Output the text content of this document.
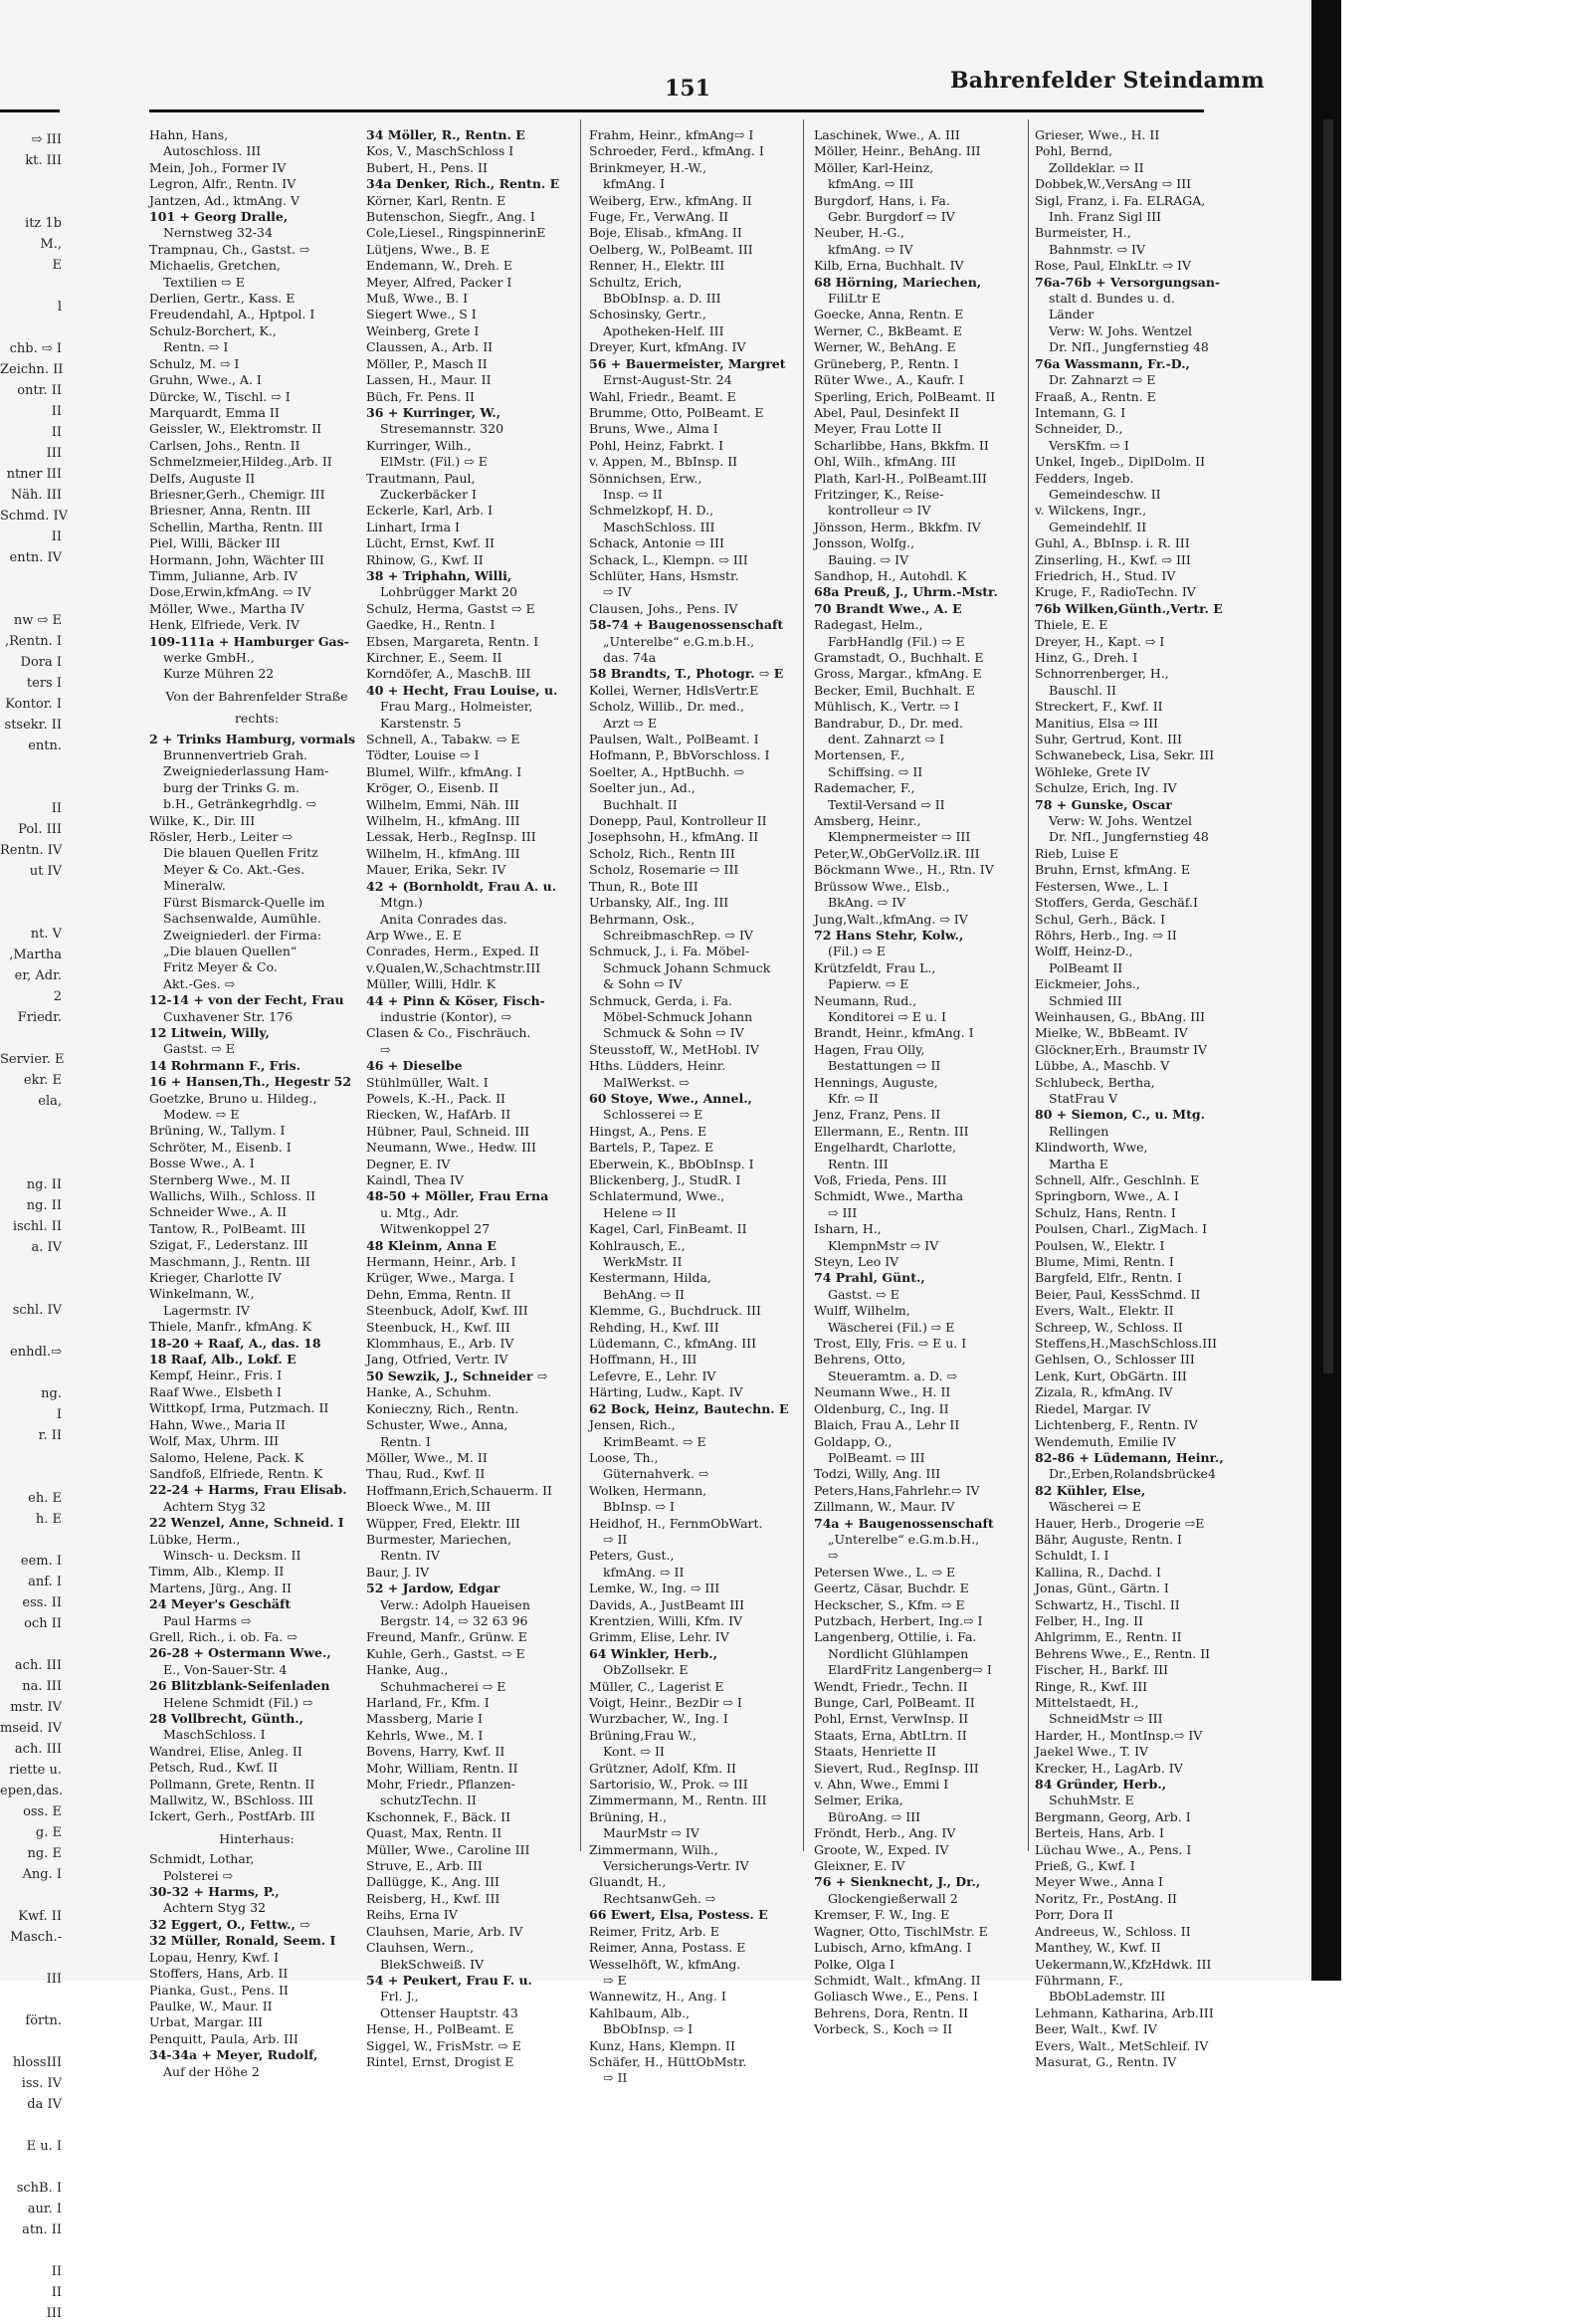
151	Bahrenfelder Steindamm
⇨ III
kt. III
itz 1b
M.,
E
l
chb. ⇨ I
Zeichn. II
ontr. II
II
II
III
ntner III
Näh. III
Schmd. IV
II
entn. IV
nw ⇨ E
,Rentn. I
Dora I
ters I
Kontor. I
stsekr. II
entn.
II
Pol. III
Rentn. IV
ut IV
nt. V
,Martha
er, Adr.
2
Friedr.
Servier. E
ekr. E
ela,
ng. II
ng. II
ischl. II
a. IV
schl. IV
enhdl.⇨
ng.
I
r. II
eh. E
h. E
eem. I
anf. I
ess. II
och II
ach. III
na. III
mstr. IV
mseid. IV
ach. III
riette u.
epen,das.
oss. E
g. E
ng. E
Ang. I
Kwf. II
Masch.-
III
förtn.
hlossIII
iss. IV
da IV
E u. I
schB. I
aur. I
atn. II
II
II
III
Hahn, Hans,
Autoschloss. III
Mein, Joh., Former IV
Legron, Alfr., Rentn. IV
Jantzen, Ad., ktmAng. V
101 + Georg Dralle,
Nernstweg 32-34
Trampnau, Ch., Gastst. ⇨
Michaelis, Gretchen,
Textilien ⇨ E
Derlien, Gertr., Kass. E
Freudendahl, A., Hptpol. I
Schulz-Borchert, K.,
Rentn. ⇨ I
Schulz, M. ⇨ I
Gruhn, Wwe., A. I
Dürcke, W., Tischl. ⇨ I
Marquardt, Emma II
Geissler, W., Elektromstr. II
Carlsen, Johs., Rentn. II
Schmelzmeier,Hildeg.,Arb. II
Delfs, Auguste II
Briesner,Gerh., Chemigr. III
Briesner, Anna, Rentn. III
Schellin, Martha, Rentn. III
Piel, Willi, Bäcker III
Hormann, John, Wächter III
Timm, Julianne, Arb. IV
Dose,Erwin,kfmAng. ⇨ IV
Möller, Wwe., Martha IV
Henk, Elfriede, Verk. IV
109-111a + Hamburger Gas-
werke GmbH.,
Kurze Mühren 22
Von der Bahrenfelder Straße
rechts:
2 + Trinks Hamburg, vormals
Brunnenvertrieb Grah.
Zweigniederlassung Ham-
burg der Trinks G. m.
b.H., Getränkegrhdlg. ⇨
Wilke, K., Dir. III
Rösler, Herb., Leiter ⇨
Die blauen Quellen Fritz
Meyer & Co. Akt.-Ges.
Mineralw.
Fürst Bismarck-Quelle im
Sachsenwalde, Aumühle.
Zweigniederl. der Firma:
„Die blauen Quellen“
Fritz Meyer & Co.
Akt.-Ges. ⇨
12-14 + von der Fecht, Frau
Cuxhavener Str. 176
12 Litwein, Willy,
Gastst. ⇨ E
14 Rohrmann F., Fris.
16 + Hansen,Th., Hegestr 52
Goetzke, Bruno u. Hildeg.,
Modew. ⇨ E
Brüning, W., Tallym. I
Schröter, M., Eisenb. I
Bosse Wwe., A. I
Sternberg Wwe., M. II
Wallichs, Wilh., Schloss. II
Schneider Wwe., A. II
Tantow, R., PolBeamt. III
Szigat, F., Lederstanz. III
Maschmann, J., Rentn. III
Krieger, Charlotte IV
Winkelmann, W.,
Lagermstr. IV
Thiele, Manfr., kfmAng. K
18-20 + Raaf, A., das. 18
18 Raaf, Alb., Lokf. E
Kempf, Heinr., Fris. I
Raaf Wwe., Elsbeth I
Wittkopf, Irma, Putzmach. II
Hahn, Wwe., Maria II
Wolf, Max, Uhrm. III
Salomo, Helene, Pack. K
Sandfoß, Elfriede, Rentn. K
22-24 + Harms, Frau Elisab.
Achtern Styg 32
22 Wenzel, Anne, Schneid. I
Lübke, Herm.,
Winsch- u. Decksm. II
Timm, Alb., Klemp. II
Martens, Jürg., Ang. II
24 Meyer's Geschäft
Paul Harms ⇨
Grell, Rich., i. ob. Fa. ⇨
26-28 + Ostermann Wwe.,
E., Von-Sauer-Str. 4
26 Blitzblank-Seifenladen
Helene Schmidt (Fil.) ⇨
28 Vollbrecht, Günth.,
MaschSchloss. I
Wandrei, Elise, Anleg. II
Petsch, Rud., Kwf. II
Pollmann, Grete, Rentn. II
Mallwitz, W., BSchloss. III
Ickert, Gerh., PostfArb. III
Hinterhaus:
Schmidt, Lothar,
Polsterei ⇨
30-32 + Harms, P.,
Achtern Styg 32
32 Eggert, O., Fettw., ⇨
32 Müller, Ronald, Seem. I
Lopau, Henry, Kwf. I
Stoffers, Hans, Arb. II
Pianka, Gust., Pens. II
Paulke, W., Maur. II
Urbat, Margar. III
Penquitt, Paula, Arb. III
34-34a + Meyer, Rudolf,
Auf der Höhe 2
34 Möller, R., Rentn. E
Kos, V., MaschSchloss I
Bubert, H., Pens. II
34a Denker, Rich., Rentn. E
Körner, Karl, Rentn. E
Butenschon, Siegfr., Ang. I
Cole,Liesel., RingspinnerinE
Lütjens, Wwe., B. E
Endemann, W., Dreh. E
Meyer, Alfred, Packer I
Muß, Wwe., B. I
Siegert Wwe., S I
Weinberg, Grete I
Claussen, A., Arb. II
Möller, P., Masch II
Lassen, H., Maur. II
Büch, Fr. Pens. II
36 + Kurringer, W.,
Stresemannstr. 320
Kurringer, Wilh.,
ElMstr. (Fil.) ⇨ E
Trautmann, Paul,
Zuckerbäcker I
Eckerle, Karl, Arb. I
Linhart, Irma I
Lücht, Ernst, Kwf. II
Rhinow, G., Kwf. II
38 + Triphahn, Willi,
Lohbrügger Markt 20
Schulz, Herma, Gastst ⇨ E
Gaedke, H., Rentn. I
Ebsen, Margareta, Rentn. I
Kirchner, E., Seem. II
Korndöfer, A., MaschB. III
40 + Hecht, Frau Louise, u.
Frau Marg., Holmeister,
Karstenstr. 5
Schnell, A., Tabakw. ⇨ E
Tödter, Louise ⇨ I
Blumel, Wilfr., kfmAng. I
Kröger, O., Eisenb. II
Wilhelm, Emmi, Näh. III
Wilhelm, H., kfmAng. III
Lessak, Herb., RegInsp. III
Wilhelm, H., kfmAng. III
Mauer, Erika, Sekr. IV
42 + (Bornholdt, Frau A. u.
Mtgn.)
Anita Conrades das.
Arp Wwe., E. E
Conrades, Herm., Exped. II
v.Qualen,W.,Schachtmstr.III
Müller, Willi, Hdlr. K
44 + Pinn & Köser, Fisch-
industrie (Kontor), ⇨
Clasen & Co., Fischräuch.
⇨
46 + Dieselbe
Stühlmüller, Walt. I
Powels, K.-H., Pack. II
Riecken, W., HafArb. II
Hübner, Paul, Schneid. III
Neumann, Wwe., Hedw. III
Degner, E. IV
Kaindl, Thea IV
48-50 + Möller, Frau Erna
u. Mtg., Adr.
Witwenkoppel 27
48 Kleinm, Anna E
Hermann, Heinr., Arb. I
Krüger, Wwe., Marga. I
Dehn, Emma, Rentn. II
Steenbuck, Adolf, Kwf. III
Steenbuck, H., Kwf. III
Klommhaus, E., Arb. IV
Jang, Otfried, Vertr. IV
50 Sewzik, J., Schneider ⇨
Hanke, A., Schuhm.
Konieczny, Rich., Rentn.
Schuster, Wwe., Anna,
Rentn. I
Möller, Wwe., M. II
Thau, Rud., Kwf. II
Hoffmann,Erich,Schauerm. II
Bloeck Wwe., M. III
Wüpper, Fred, Elektr. III
Burmester, Mariechen,
Rentn. IV
Baur, J. IV
52 + Jardow, Edgar
Verw.: Adolph Haueisen
Bergstr. 14, ⇨ 32 63 96
Freund, Manfr., Grünw. E
Kuhle, Gerh., Gastst. ⇨ E
Hanke, Aug.,
Schuhmacherei ⇨ E
Harland, Fr., Kfm. I
Massberg, Marie I
Kehrls, Wwe., M. I
Bovens, Harry, Kwf. II
Mohr, William, Rentn. II
Mohr, Friedr., Pflanzen-
schutzTechn. II
Kschonnek, F., Bäck. II
Quast, Max, Rentn. II
Müller, Wwe., Caroline III
Struve, E., Arb. III
Dallügge, K., Ang. III
Reisberg, H., Kwf. III
Reihs, Erna IV
Clauhsen, Marie, Arb. IV
Clauhsen, Wern.,
BlekSchweiß. IV
54 + Peukert, Frau F. u.
Frl. J.,
Ottenser Hauptstr. 43
Hense, H., PolBeamt. E
Siggel, W., FrisMstr. ⇨ E
Rintel, Ernst, Drogist E
Frahm, Heinr., kfmAng⇨ I
Schroeder, Ferd., kfmAng. I
Brinkmeyer, H.-W.,
kfmAng. I
Weiberg, Erw., kfmAng. II
Fuge, Fr., VerwAng. II
Boje, Elisab., kfmAng. II
Oelberg, W., PolBeamt. III
Renner, H., Elektr. III
Schultz, Erich,
BbObInsp. a. D. III
Schosinsky, Gertr.,
Apotheken-Helf. III
Dreyer, Kurt, kfmAng. IV
56 + Bauermeister, Margret
Ernst-August-Str. 24
Wahl, Friedr., Beamt. E
Brumme, Otto, PolBeamt. E
Bruns, Wwe., Alma I
Pohl, Heinz, Fabrkt. I
v. Appen, M., BbInsp. II
Sönnichsen, Erw.,
Insp. ⇨ II
Schmelzkopf, H. D.,
MaschSchloss. III
Schack, Antonie ⇨ III
Schack, L., Klempn. ⇨ III
Schlüter, Hans, Hsmstr.
⇨ IV
Clausen, Johs., Pens. IV
58-74 + Baugenossenschaft
„Unterelbe“ e.G.m.b.H.,
das. 74a
58 Brandts, T., Photogr. ⇨ E
Kollei, Werner, HdlsVertr.E
Scholz, Willib., Dr. med.,
Arzt ⇨ E
Paulsen, Walt., PolBeamt. I
Hofmann, P., BbVorschloss. I
Soelter, A., HptBuchh. ⇨
Soelter jun., Ad.,
Buchhalt. II
Donepp, Paul, Kontrolleur II
Josephsohn, H., kfmAng. II
Scholz, Rich., Rentn III
Scholz, Rosemarie ⇨ III
Thun, R., Bote III
Urbansky, Alf., Ing. III
Behrmann, Osk.,
SchreibmaschRep. ⇨ IV
Schmuck, J., i. Fa. Möbel-
Schmuck Johann Schmuck
& Sohn ⇨ IV
Schmuck, Gerda, i. Fa.
Möbel-Schmuck Johann
Schmuck & Sohn ⇨ IV
Steusstoff, W., MetHobl. IV
Hths. Lüdders, Heinr.
MalWerkst. ⇨
60 Stoye, Wwe., Annel.,
Schlosserei ⇨ E
Hingst, A., Pens. E
Bartels, P., Tapez. E
Eberwein, K., BbObInsp. I
Blickenberg, J., StudR. I
Schlatermund, Wwe.,
Helene ⇨ II
Kagel, Carl, FinBeamt. II
Kohlrausch, E.,
WerkMstr. II
Kestermann, Hilda,
BehAng. ⇨ II
Klemme, G., Buchdruck. III
Rehding, H., Kwf. III
Lüdemann, C., kfmAng. III
Hoffmann, H., III
Lefevre, E., Lehr. IV
Härting, Ludw., Kapt. IV
62 Bock, Heinz, Bautechn. E
Jensen, Rich.,
KrimBeamt. ⇨ E
Loose, Th.,
Güternahverk. ⇨
Wolken, Hermann,
BbInsp. ⇨ I
Heidhof, H., FernmObWart.
⇨ II
Peters, Gust.,
kfmAng. ⇨ II
Lemke, W., Ing. ⇨ III
Davids, A., JustBeamt III
Krentzien, Willi, Kfm. IV
Grimm, Elise, Lehr. IV
64 Winkler, Herb.,
ObZollsekr. E
Müller, C., Lagerist E
Voigt, Heinr., BezDir ⇨ I
Wurzbacher, W., Ing. I
Brüning,Frau W.,
Kont. ⇨ II
Grützner, Adolf, Kfm. II
Sartorisio, W., Prok. ⇨ III
Zimmermann, M., Rentn. III
Brüning, H.,
MaurMstr ⇨ IV
Zimmermann, Wilh.,
Versicherungs-Vertr. IV
Gluandt, H.,
RechtsanwGeh. ⇨
66 Ewert, Elsa, Postess. E
Reimer, Fritz, Arb. E
Reimer, Anna, Postass. E
Wesselhöft, W., kfmAng.
⇨ E
Wannewitz, H., Ang. I
Kahlbaum, Alb.,
BbObInsp. ⇨ I
Kunz, Hans, Klempn. II
Schäfer, H., HüttObMstr.
⇨ II
Laschinek, Wwe., A. III
Möller, Heinr., BehAng. III
Möller, Karl-Heinz,
kfmAng. ⇨ III
Burgdorf, Hans, i. Fa.
Gebr. Burgdorf ⇨ IV
Neuber, H.-G.,
kfmAng. ⇨ IV
Kilb, Erna, Buchhalt. IV
68 Hörning, Mariechen,
FiliLtr E
Goecke, Anna, Rentn. E
Werner, C., BkBeamt. E
Werner, W., BehAng. E
Grüneberg, P., Rentn. I
Rüter Wwe., A., Kaufr. I
Sperling, Erich, PolBeamt. II
Abel, Paul, Desinfekt II
Meyer, Frau Lotte II
Scharlibbe, Hans, Bkkfm. II
Ohl, Wilh., kfmAng. III
Plath, Karl-H., PolBeamt.III
Fritzinger, K., Reise-
kontrolleur ⇨ IV
Jönsson, Herm., Bkkfm. IV
Jonsson, Wolfg.,
Bauing. ⇨ IV
Sandhop, H., Autohdl. K
68a Preuß, J., Uhrm.-Mstr.
70 Brandt Wwe., A. E
Radegast, Helm.,
FarbHandlg (Fil.) ⇨ E
Gramstadt, O., Buchhalt. E
Gross, Margar., kfmAng. E
Becker, Emil, Buchhalt. E
Mühlisch, K., Vertr. ⇨ I
Bandrabur, D., Dr. med.
dent. Zahnarzt ⇨ I
Mortensen, F.,
Schiffsing. ⇨ II
Rademacher, F.,
Textil-Versand ⇨ II
Amsberg, Heinr.,
Klempnermeister ⇨ III
Peter,W.,ObGerVollz.iR. III
Böckmann Wwe., H., Rtn. IV
Brüssow Wwe., Elsb.,
BkAng. ⇨ IV
Jung,Walt.,kfmAng. ⇨ IV
72 Hans Stehr, Kolw.,
(Fil.) ⇨ E
Krützfeldt, Frau L.,
Papierw. ⇨ E
Neumann, Rud.,
Konditorei ⇨ E u. I
Brandt, Heinr., kfmAng. I
Hagen, Frau Olly,
Bestattungen ⇨ II
Hennings, Auguste,
Kfr. ⇨ II
Jenz, Franz, Pens. II
Ellermann, E., Rentn. III
Engelhardt, Charlotte,
Rentn. III
Voß, Frieda, Pens. III
Schmidt, Wwe., Martha
⇨ III
Isharn, H.,
KlempnMstr ⇨ IV
Steyn, Leo IV
74 Prahl, Günt.,
Gastst. ⇨ E
Wulff, Wilhelm,
Wäscherei (Fil.) ⇨ E
Trost, Elly, Fris. ⇨ E u. I
Behrens, Otto,
Steueramtm. a. D. ⇨
Neumann Wwe., H. II
Oldenburg, C., Ing. II
Blaich, Frau A., Lehr II
Goldapp, O.,
PolBeamt. ⇨ III
Todzi, Willy, Ang. III
Peters,Hans,Fahrlehr.⇨ IV
Zillmann, W., Maur. IV
74a + Baugenossenschaft
„Unterelbe“ e.G.m.b.H.,
⇨
Petersen Wwe., L. ⇨ E
Geertz, Cäsar, Buchdr. E
Heckscher, S., Kfm. ⇨ E
Putzbach, Herbert, Ing.⇨ I
Langenberg, Ottilie, i. Fa.
Nordlicht Glühlampen
ElardFritz Langenberg⇨ I
Wendt, Friedr., Techn. II
Bunge, Carl, PolBeamt. II
Pohl, Ernst, VerwInsp. II
Staats, Erna, AbtLtrn. II
Staats, Henriette II
Sievert, Rud., RegInsp. III
v. Ahn, Wwe., Emmi I
Selmer, Erika,
BüroAng. ⇨ III
Fröndt, Herb., Ang. IV
Groote, W., Exped. IV
Gleixner, E. IV
76 + Sienknecht, J., Dr.,
Glockengießerwall 2
Kremser, F. W., Ing. E
Wagner, Otto, TischlMstr. E
Lubisch, Arno, kfmAng. I
Polke, Olga I
Schmidt, Walt., kfmAng. II
Goliasch Wwe., E., Pens. I
Behrens, Dora, Rentn. II
Vorbeck, S., Koch ⇨ II
Grieser, Wwe., H. II
Pohl, Bernd,
Zolldeklar. ⇨ II
Dobbek,W.,VersAng ⇨ III
Sigl, Franz, i. Fa. ELRAGA,
Inh. Franz Sigl III
Burmeister, H.,
Bahnmstr. ⇨ IV
Rose, Paul, ElnkLtr. ⇨ IV
76a-76b + Versorgungsan-
stalt d. Bundes u. d.
Länder
Verw: W. Johs. Wentzel
Dr. NfI., Jungfernstieg 48
76a Wassmann, Fr.-D.,
Dr. Zahnarzt ⇨ E
Fraaß, A., Rentn. E
Intemann, G. I
Schneider, D.,
VersKfm. ⇨ I
Unkel, Ingeb., DiplDolm. II
Fedders, Ingeb.
Gemeindeschw. II
v. Wilckens, Ingr.,
Gemeindehlf. II
Guhl, A., BbInsp. i. R. III
Zinserling, H., Kwf. ⇨ III
Friedrich, H., Stud. IV
Kruge, F., RadioTechn. IV
76b Wilken,Günth.,Vertr. E
Thiele, E. E
Dreyer, H., Kapt. ⇨ I
Hinz, G., Dreh. I
Schnorrenberger, H.,
Bauschl. II
Streckert, F., Kwf. II
Manitius, Elsa ⇨ III
Suhr, Gertrud, Kont. III
Schwanebeck, Lisa, Sekr. III
Wöhleke, Grete IV
Schulze, Erich, Ing. IV
78 + Gunske, Oscar
Verw: W. Johs. Wentzel
Dr. NfI., Jungfernstieg 48
Rieb, Luise E
Bruhn, Ernst, kfmAng. E
Festersen, Wwe., L. I
Stoffers, Gerda, Geschäf.I
Schul, Gerh., Bäck. I
Röhrs, Herb., Ing. ⇨ II
Wolff, Heinz-D.,
PolBeamt II
Eickmeier, Johs.,
Schmied III
Weinhausen, G., BbAng. III
Mielke, W., BbBeamt. IV
Glöckner,Erh., Braumstr IV
Lübbe, A., Maschb. V
Schlubeck, Bertha,
StatFrau V
80 + Siemon, C., u. Mtg.
Rellingen
Klindworth, Wwe,
Martha E
Schnell, Alfr., Geschlnh. E
Springborn, Wwe., A. I
Schulz, Hans, Rentn. I
Poulsen, Charl., ZigMach. I
Poulsen, W., Elektr. I
Blume, Mimi, Rentn. I
Bargfeld, Elfr., Rentn. I
Beier, Paul, KessSchmd. II
Evers, Walt., Elektr. II
Schreep, W., Schloss. II
Steffens,H.,MaschSchloss.III
Gehlsen, O., Schlosser III
Lenk, Kurt, ObGärtn. III
Zizala, R., kfmAng. IV
Riedel, Margar. IV
Lichtenberg, F., Rentn. IV
Wendemuth, Emilie IV
82-86 + Lüdemann, Heinr.,
Dr.,Erben,Rolandsbrücke4
82 Kühler, Else,
Wäscherei ⇨ E
Hauer, Herb., Drogerie ⇨E
Bähr, Auguste, Rentn. I
Schuldt, I. I
Kallina, R., Dachd. I
Jonas, Günt., Gärtn. I
Schwartz, H., Tischl. II
Felber, H., Ing. II
Ahlgrimm, E., Rentn. II
Behrens Wwe., E., Rentn. II
Fischer, H., Barkf. III
Ringe, R., Kwf. III
Mittelstaedt, H.,
SchneidMstr ⇨ III
Harder, H., MontInsp.⇨ IV
Jaekel Wwe., T. IV
Krecker, H., LagArb. IV
84 Gründer, Herb.,
SchuhMstr. E
Bergmann, Georg, Arb. I
Berteis, Hans, Arb. I
Lüchau Wwe., A., Pens. I
Prieß, G., Kwf. I
Meyer Wwe., Anna I
Noritz, Fr., PostAng. II
Porr, Dora II
Andreeus, W., Schloss. II
Manthey, W., Kwf. II
Uekermann,W.,KfzHdwk. III
Führmann, F.,
BbObLademstr. III
Lehmann, Katharina, Arb.III
Beer, Walt., Kwf. IV
Evers, Walt., MetSchleif. IV
Masurat, G., Rentn. IV
